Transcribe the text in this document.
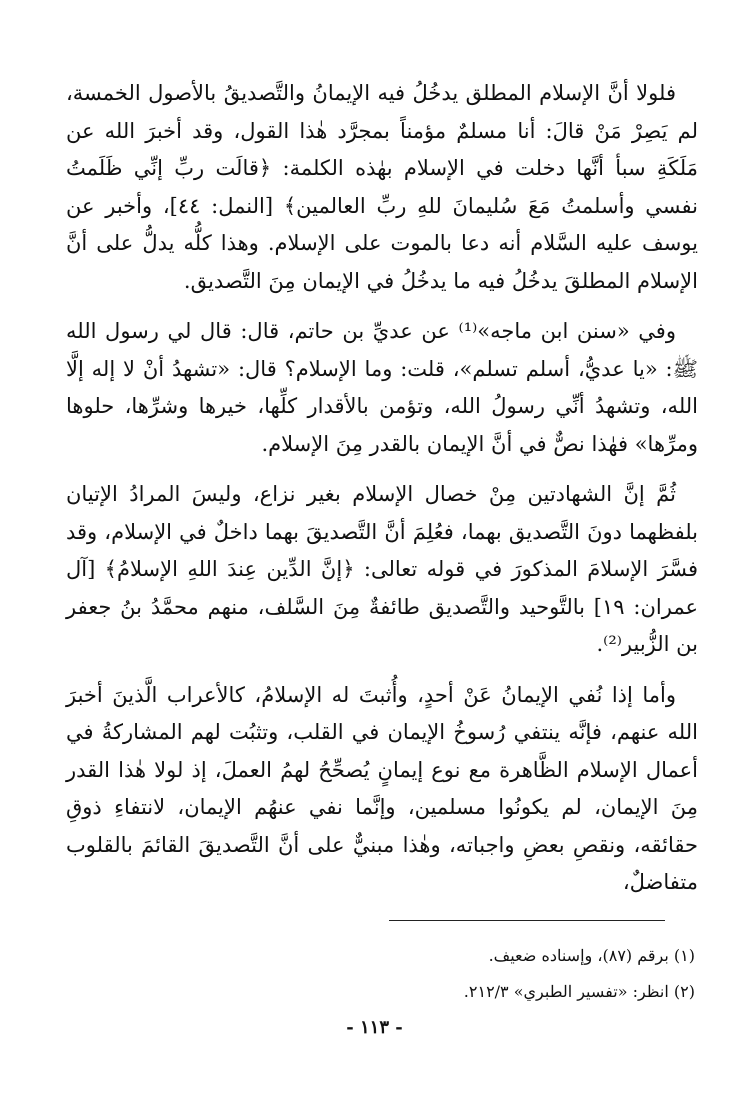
فلولا أنَّ الإسلام المطلق يدخُلُ فيه الإيمانُ والتَّصديقُ بالأصول الخمسة، لم يَصِرْ مَنْ قالَ: أنا مسلمٌ مؤمناً بمجرَّد هٰذا القول، وقد أخبرَ الله عن مَلَكَةِ سبأ أنَّها دخلت في الإسلام بهٰذه الكلمة: ﴿قالَت ربِّ إنِّي ظَلَمتُ نفسي وأسلمتُ مَعَ سُليمانَ للهِ ربِّ العالمين﴾ [النمل: ٤٤]، وأخبر عن يوسف عليه السَّلام أنه دعا بالموت على الإسلام. وهذا كلُّه يدلُّ على أنَّ الإسلام المطلقَ يدخُلُ فيه ما يدخُلُ في الإيمان مِنَ التَّصديق.

وفي «سنن ابن ماجه»⁽¹⁾ عن عديِّ بن حاتم، قال: قال لي رسول الله ﷺ: «يا عديُّ، أسلم تسلم»، قلت: وما الإسلام؟ قال: «تشهدُ أنْ لا إله إلَّا الله، وتشهدُ أنِّي رسولُ الله، وتؤمن بالأقدار كلِّها، خيرها وشرِّها، حلوها ومرِّها» فهٰذا نصٌّ في أنَّ الإيمان بالقدر مِنَ الإسلام.

ثُمَّ إنَّ الشهادتين مِنْ خصال الإسلام بغير نزاع، وليسَ المرادُ الإتيان بلفظهما دونَ التَّصديق بهما، فعُلِمَ أنَّ التَّصديقَ بهما داخلٌ في الإسلام، وقد فسَّرَ الإسلامَ المذكورَ في قوله تعالى: ﴿إنَّ الدِّين عِندَ اللهِ الإسلامُ﴾ [آل عمران: ١٩] بالتَّوحيد والتَّصديق طائفةٌ مِنَ السَّلف، منهم محمَّدُ بنُ جعفر بن الزُّبير⁽²⁾.

وأما إذا نُفي الإيمانُ عَنْ أحدٍ، وأُثبتَ له الإسلامُ، كالأعراب الَّذينَ أخبرَ الله عنهم، فإنَّه ينتفي رُسوخُ الإيمان في القلب، وتثبُت لهم المشاركةُ في أعمال الإسلام الظَّاهرة مع نوع إيمانٍ يُصحِّحُ لهمُ العملَ، إذ لولا هٰذا القدر مِنَ الإيمان، لم يكونُوا مسلمين، وإنَّما نفي عنهُم الإيمان، لانتفاءِ ذوقِ حقائقه، ونقصِ بعضِ واجباته، وهٰذا مبنيٌّ على أنَّ التَّصديقَ القائمَ بالقلوب متفاضلٌ،

(١) برقم (٨٧)، وإسناده ضعيف.

(٢) انظر: «تفسير الطبري» ٢١٢/٣.

- ١١٣ -
